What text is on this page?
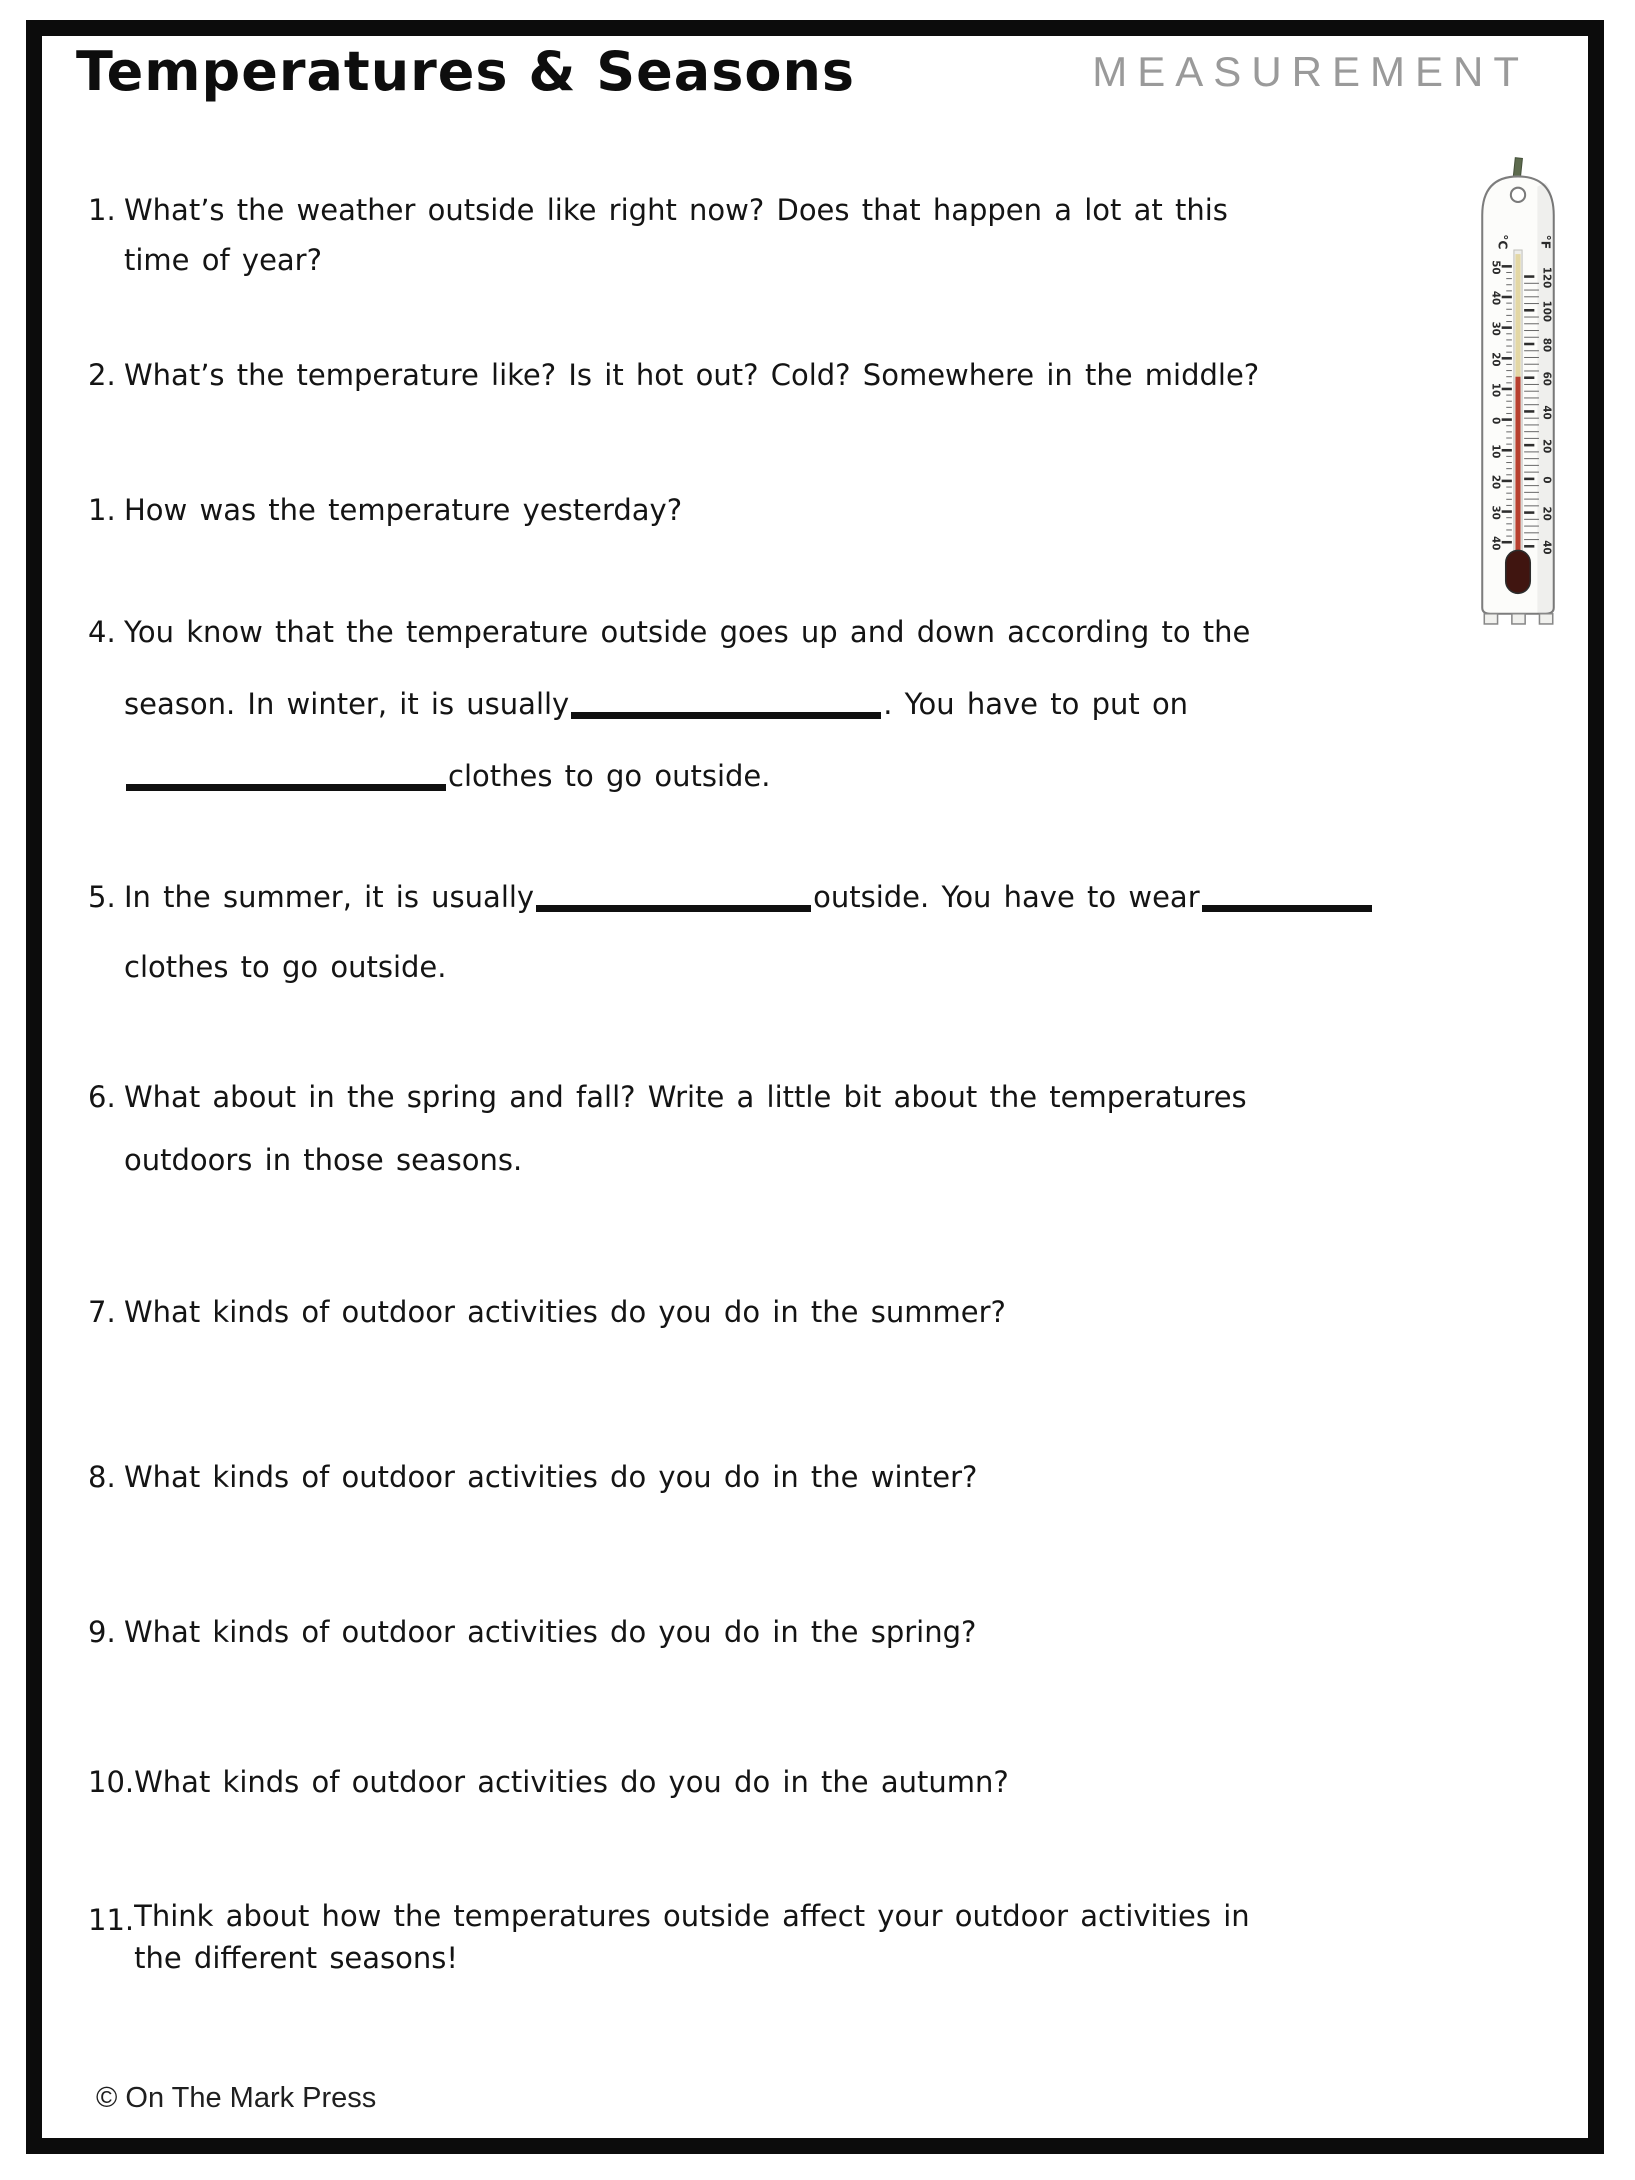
Temperatures & Seasons	MEASUREMENT
°C °F
50
40
30
20
10
0
10
20
30
40
120
100
80
60
40
20
0
20
40
1. What’s the weather outside like right now? Does that happen a lot at this
time of year?
2. What’s the temperature like? Is it hot out? Cold? Somewhere in the middle?
1. How was the temperature yesterday?
4. You know that the temperature outside goes up and down according to the
season. In winter, it is usually	. You have to put on
clothes to go outside.
5. In the summer, it is usually	outside. You have to wear
clothes to go outside.
6. What about in the spring and fall? Write a little bit about the temperatures
outdoors in those seasons.
7. What kinds of outdoor activities do you do in the summer?
8. What kinds of outdoor activities do you do in the winter?
9. What kinds of outdoor activities do you do in the spring?
10. What kinds of outdoor activities do you do in the autumn?
11. Think about how the temperatures outside affect your outdoor activities in
the different seasons!
© On The Mark Press
